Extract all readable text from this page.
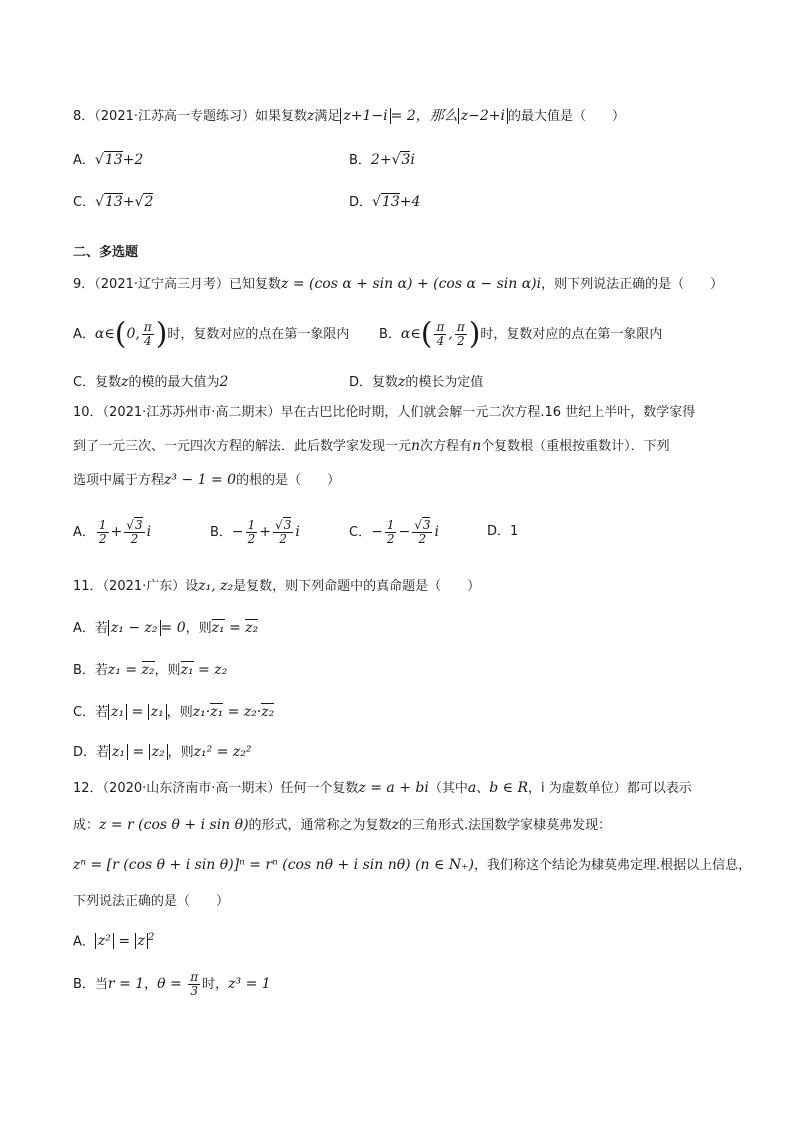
8．（2021·江苏高一专题练习）如果复数z满足 z+1−i = 2，那么 z−2+i 的最大值是（　　）
A．√13+2	B．2+√3i
C．√13+√2	D．√13+4
二、多选题
9．（2021·辽宁高三月考）已知复数z = (cos α + sin α) + (cos α − sin α)i，则下列说法正确的是（　　）
A．α∈(0, $\frac{\pi}{4}$ )时，复数对应的点在第一象限内 B．α∈( $\frac{\pi}{4}$ , $\frac{\pi}{2}$ )时，复数对应的点在第一象限内
C．复数z的模的最大值为2	D．复数z的模长为定值
10．（2021·江苏苏州市·高二期末）早在古巴比伦时期，人们就会解一元二次方程.16 世纪上半叶，数学家得
到了一元三次、一元四次方程的解法．此后数学家发现一元n次方程有n个复数根（重根按重数计）．下列
选项中属于方程z³ − 1 = 0的根的是（　　）
A． $\frac{1}{2} + \frac{√3}{2}$ i	B．− $\frac{1}{2} + \frac{√3}{2}$ i	C．− $\frac{1}{2} - \frac{√3}{2}$ i	D．1
11．（2021·广东）设z₁, z₂是复数，则下列命题中的真命题是（　　）
A．若 z₁ − z₂ = 0，则z₁ = z₂
B．若z₁ = z₂，则z₁ = z₂
C．若 z₁ = z₁ ，则z₁·z₁ = z₂·z₂
D．若 z₁ = z₂ ，则z₁² = z₂²
12．（2020·山东济南市·高一期末）任何一个复数z = a + bi（其中a、b ∈ R，i 为虚数单位）都可以表示
成：z = r (cos θ + i sin θ)的形式，通常称之为复数z的三角形式.法国数学家棣莫弗发现：
zⁿ = [r (cos θ + i sin θ)]ⁿ = rⁿ (cos nθ + i sin nθ) (n ∈ N₊)，我们称这个结论为棣莫弗定理.根据以上信息，
下列说法正确的是（　　）
A． z² = z $^2$
B．当r = 1，$\theta = \frac{\pi}{3}$ 时，z³ = 1
